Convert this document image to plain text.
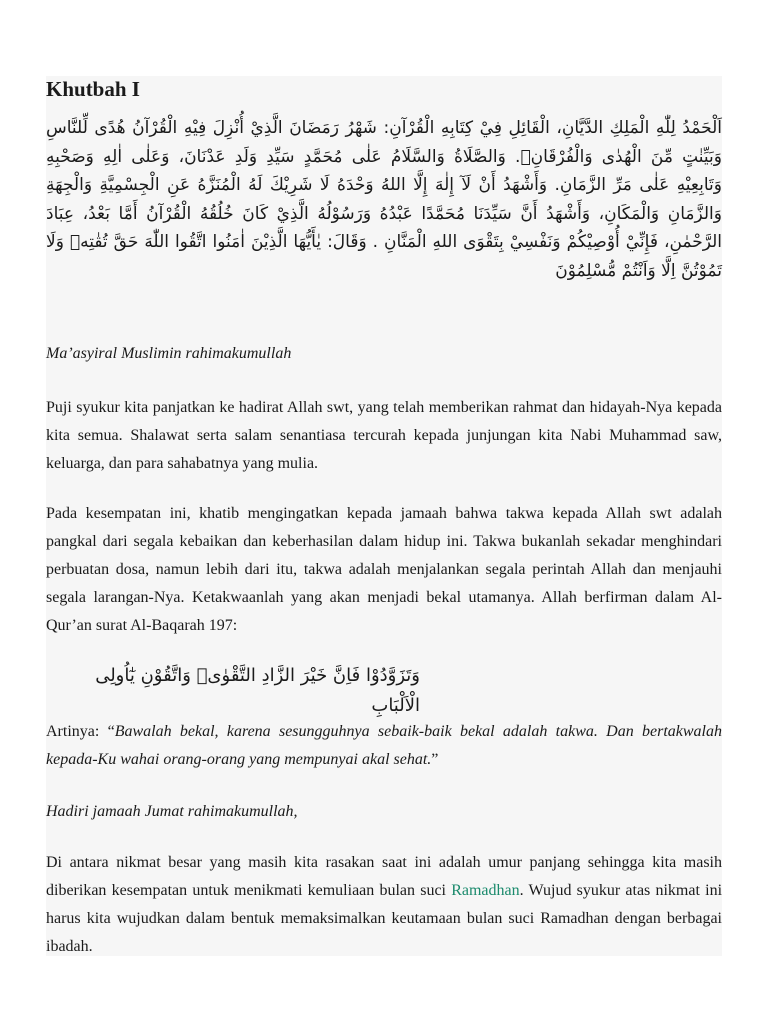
Khutbah I

اَلْحَمْدُ لِلّٰهِ الْمَلِكِ الدَّيَّانِ، الْقَائِلِ فِيْ كِتَابِهِ الْقُرْآنِ: شَهْرُ رَمَضَانَ الَّذِيْ أُنْزِلَ فِيْهِ الْقُرْآنُ هُدًى لِّلنَّاسِ وَبَيِّنٰتٍ مِّنَ الْهُدٰى وَالْفُرْقَانِۚ. وَالصَّلَاةُ وَالسَّلَامُ عَلٰى مُحَمَّدٍ سَيِّدِ وَلَدِ عَدْنَانَ، وَعَلٰى اٰلِهِ وَصَحْبِهِ وَتَابِعِيْهِ عَلٰى مَرِّ الزَّمَانِ. وَأَشْهَدُ أَنْ لَآ إِلٰهَ إِلَّا اللهُ وَحْدَهُ لَا شَرِيْكَ لَهُ الْمُنَزَّهُ عَنِ الْجِسْمِيَّةِ وَالْجِهَةِ وَالزَّمَانِ وَالْمَكَانِ، وَأَشْهَدُ أَنَّ سَيِّدَنَا مُحَمَّدًا عَبْدُهُ وَرَسُوْلُهُ الَّذِيْ كَانَ خُلُقُهُ الْقُرْآنُ أَمَّا بَعْدُ، عِبَادَ الرَّحْمٰنِ، فَإِنِّيْ أُوْصِيْكُمْ وَنَفْسِيْ بِتَقْوَى اللهِ الْمَنَّانِ . وَقَالَ: يٰأَيُّهَا الَّذِيْنَ اٰمَنُوا اتَّقُوا اللّٰهَ حَقَّ تُقٰتِهٖ وَلَا تَمُوْتُنَّ اِلَّا وَاَنْتُمْ مُّسْلِمُوْنَ

Ma’asyiral Muslimin rahimakumullah

Puji syukur kita panjatkan ke hadirat Allah swt, yang telah memberikan rahmat dan hidayah-Nya kepada kita semua. Shalawat serta salam senantiasa tercurah kepada junjungan kita Nabi Muhammad saw, keluarga, dan para sahabatnya yang mulia.

Pada kesempatan ini, khatib mengingatkan kepada jamaah bahwa takwa kepada Allah swt adalah pangkal dari segala kebaikan dan keberhasilan dalam hidup ini. Takwa bukanlah sekadar menghindari perbuatan dosa, namun lebih dari itu, takwa adalah menjalankan segala perintah Allah dan menjauhi segala larangan-Nya. Ketakwaanlah yang akan menjadi bekal utamanya. Allah berfirman dalam Al-Qur’an surat Al-Baqarah 197:

وَتَزَوَّدُوْا فَاِنَّ خَيْرَ الزَّادِ التَّقْوٰىۖ وَاتَّقُوْنِ يٰٓاُولِى الْاَلْبَابِ

Artinya: “Bawalah bekal, karena sesungguhnya sebaik-baik bekal adalah takwa. Dan bertakwalah kepada-Ku wahai orang-orang yang mempunyai akal sehat.”

Hadiri jamaah Jumat rahimakumullah,

Di antara nikmat besar yang masih kita rasakan saat ini adalah umur panjang sehingga kita masih diberikan kesempatan untuk menikmati kemuliaan bulan suci Ramadhan. Wujud syukur atas nikmat ini harus kita wujudkan dalam bentuk memaksimalkan keutamaan bulan suci Ramadhan dengan berbagai ibadah.
